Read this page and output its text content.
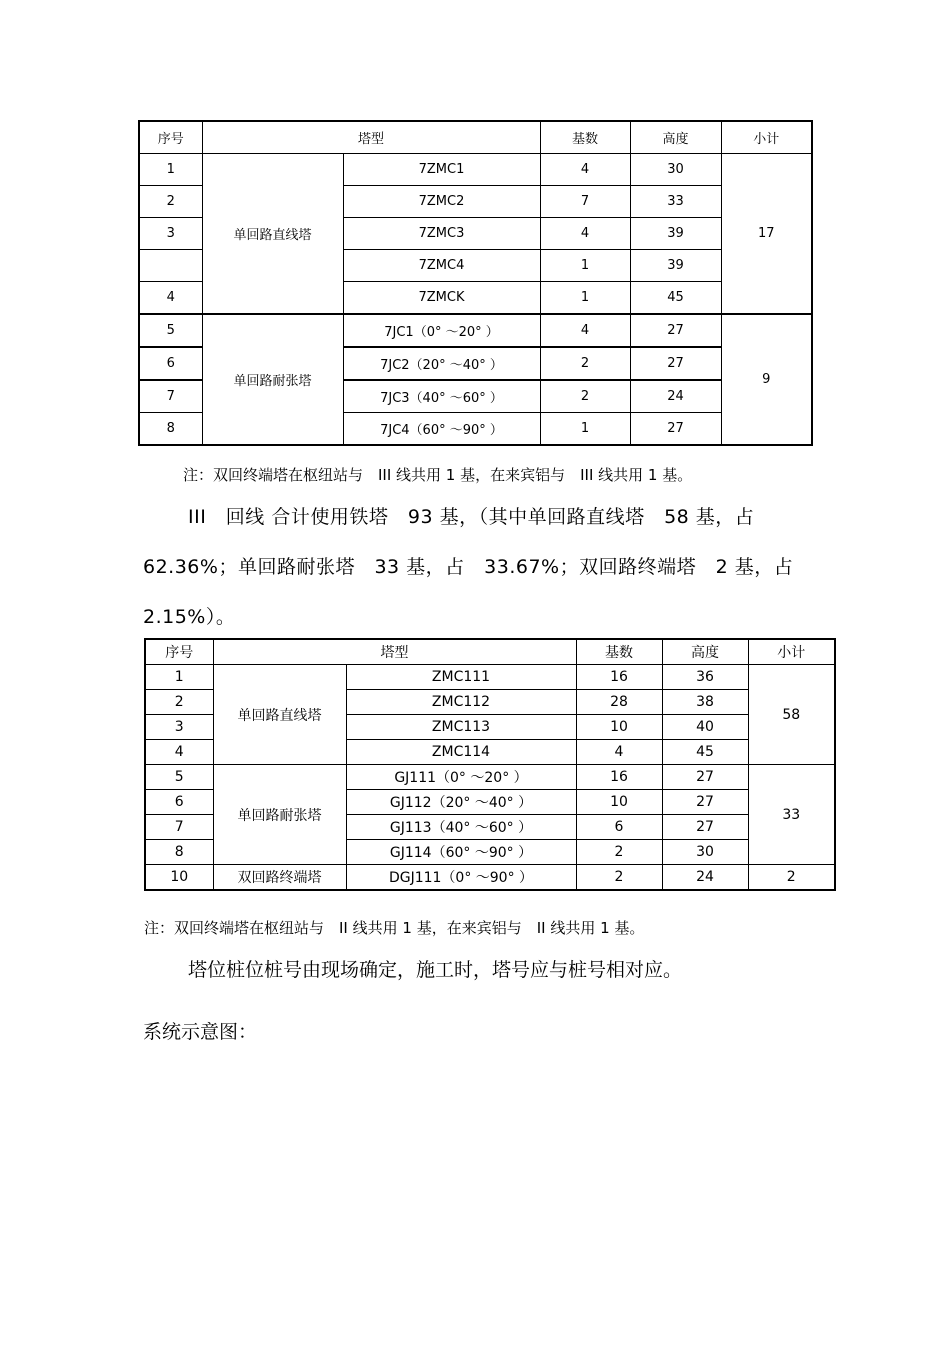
序号	塔型		基数	高度	小计
1	单回路直线塔	7ZMC1	4	30	17
2		7ZMC2	7	33	
3		7ZMC3	4	39	
		7ZMC4	1	39	
4		7ZMCK	1	45	
5	单回路耐张塔	7JC1（0° ～20° ）	4	27	9
6		7JC2（20° ～40° ）	2	27	
7		7JC3（40° ～60° ）	2	24	
8		7JC4（60° ～90° ）	1	27	
注：双回终端塔在枢纽站与　III 线共用 1 基，在来宾铝与　III 线共用 1 基。
III　回线 合计使用铁塔　93 基，（其中单回路直线塔　58 基，占
62.36%；单回路耐张塔　33 基，占　33.67%；双回路终端塔　2 基，占
2.15%）。
序号	塔型		基数	高度	小计
1	单回路直线塔	ZMC111	16	36	58
2		ZMC112	28	38	
3		ZMC113	10	40	
4		ZMC114	4	45	
5	单回路耐张塔	GJ111（0° ～20° ）	16	27	33
6		GJ112（20° ～40° ）	10	27	
7		GJ113（40° ～60° ）	6	27	
8		GJ114（60° ～90° ）	2	30	
10	双回路终端塔	DGJ111（0° ～90° ）	2	24	2
注：双回终端塔在枢纽站与　II 线共用 1 基，在来宾铝与　II 线共用 1 基。
塔位桩位桩号由现场确定，施工时，塔号应与桩号相对应。
系统示意图：
